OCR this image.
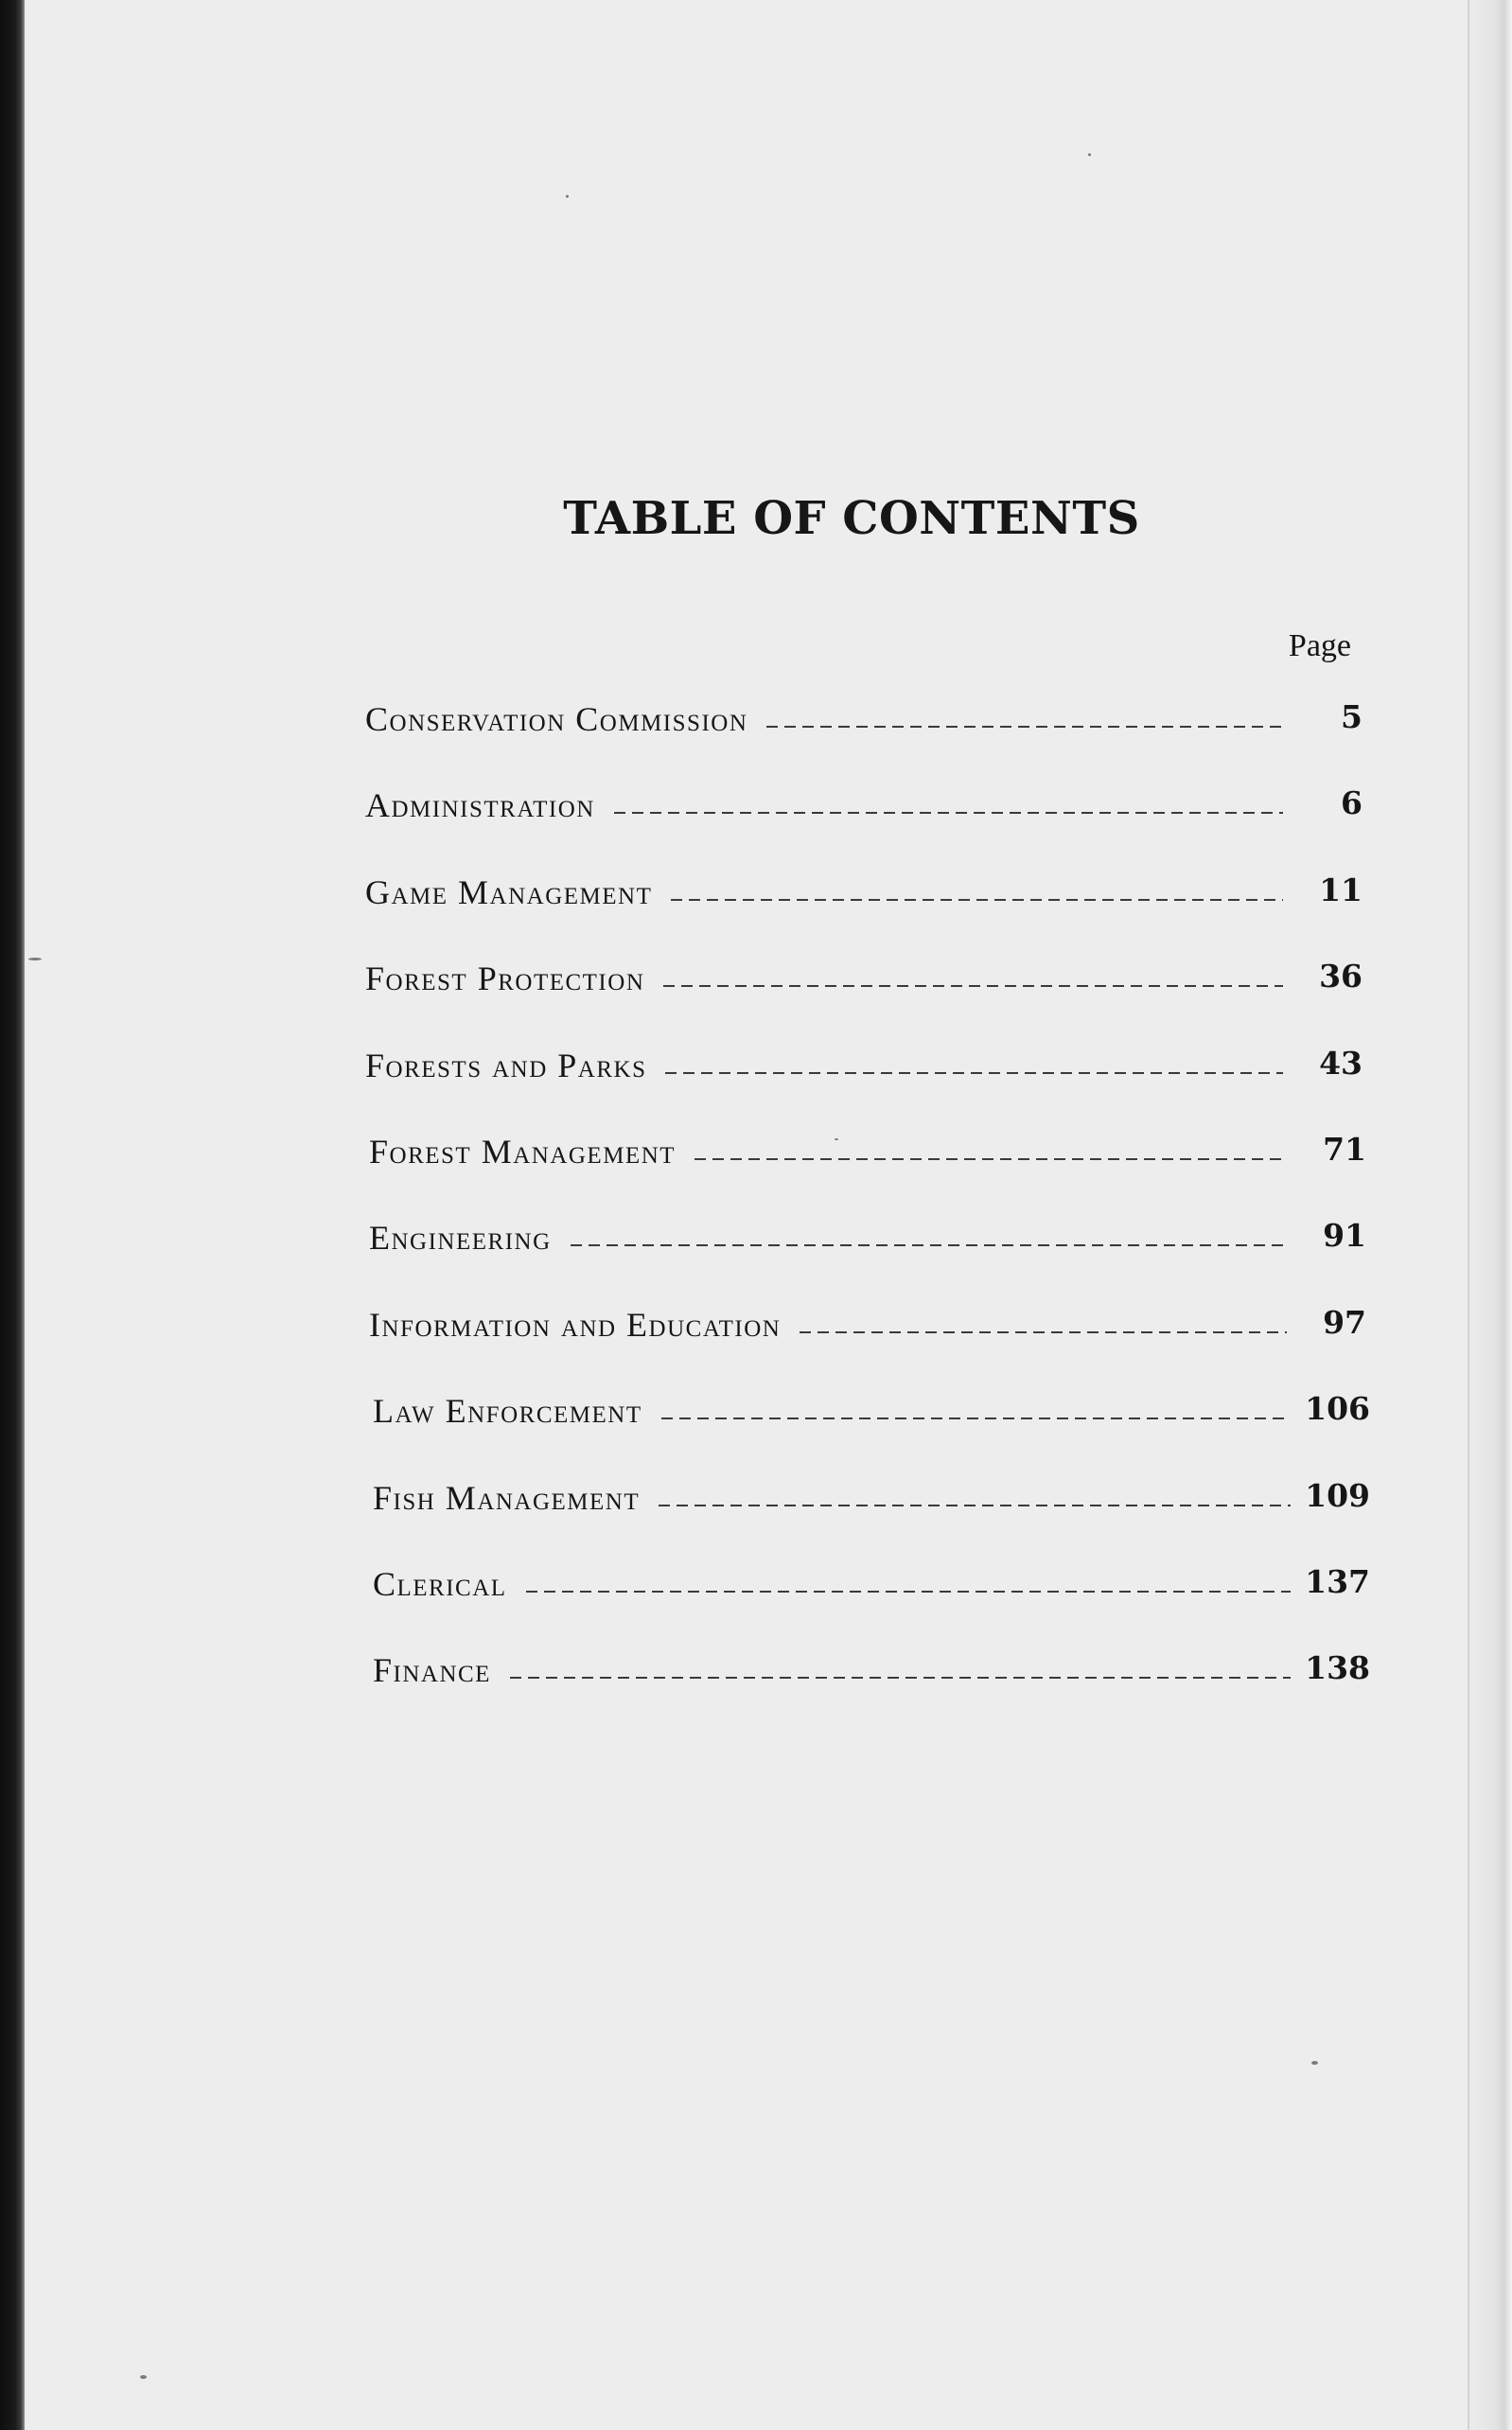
TABLE OF CONTENTS
Page
Conservation Commission	5
Administration	6
Game Management	11
Forest Protection	36
Forests and Parks	43
Forest Management	71
Engineering	91
Information and Education	97
Law Enforcement	106
Fish Management	109
Clerical	137
Finance	138
